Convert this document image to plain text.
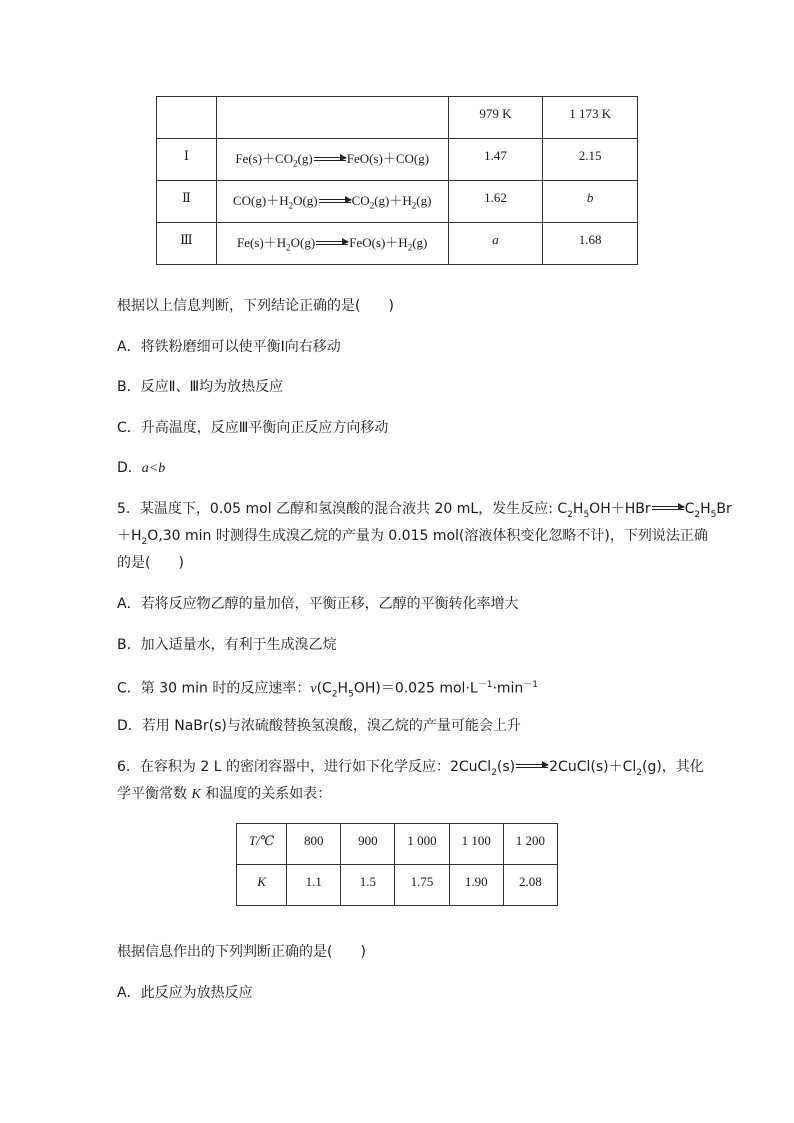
		979 K	1 173 K
Ⅰ	$Fe(s)+CO_2(g)$ FeO(s)＋CO(g)	1.47	2.15
Ⅱ	$CO(g)+H_2O(g)$ $CO_2(g)+H_2(g)$	1.62	b
Ⅲ	$Fe(s)+H_2O(g)$ $FeO(s)+H_2(g)$	a	1.68
根据以上信息判断，下列结论正确的是(　　)
A．将铁粉磨细可以使平衡Ⅰ向右移动
B．反应Ⅱ、Ⅲ均为放热反应
C．升高温度，反应Ⅲ平衡向正反应方向移动
D．a<b
5．某温度下，0.05 mol 乙醇和氢溴酸的混合液共 20 mL，发生反应: $C_2H_5OH+HBr$ $C_2H_5Br$
$+H_2O,30$ min 时测得生成溴乙烷的产量为 0.015 mol(溶液体积变化忽略不计)，下列说法正确
的是(　　)
A．若将反应物乙醇的量加倍，平衡正移，乙醇的平衡转化率增大
B．加入适量水，有利于生成溴乙烷
C．第 30 min 时的反应速率：$v(C_2H_5OH)=0.025$ $mol\cdot L^{-1}\cdot\min^{-1}$
D．若用 NaBr(s)与浓硫酸替换氢溴酸，溴乙烷的产量可能会上升
6．在容积为 2 L 的密闭容器中，进行如下化学反应：2CuCl$_2$(s) $2CuCl(s)+Cl_2(g)$，其化
学平衡常数 K 和温度的关系如表：
T/℃	800	900	1 000	1 100	1 200
K	1.1	1.5	1.75	1.90	2.08
根据信息作出的下列判断正确的是(　　)
A．此反应为放热反应
